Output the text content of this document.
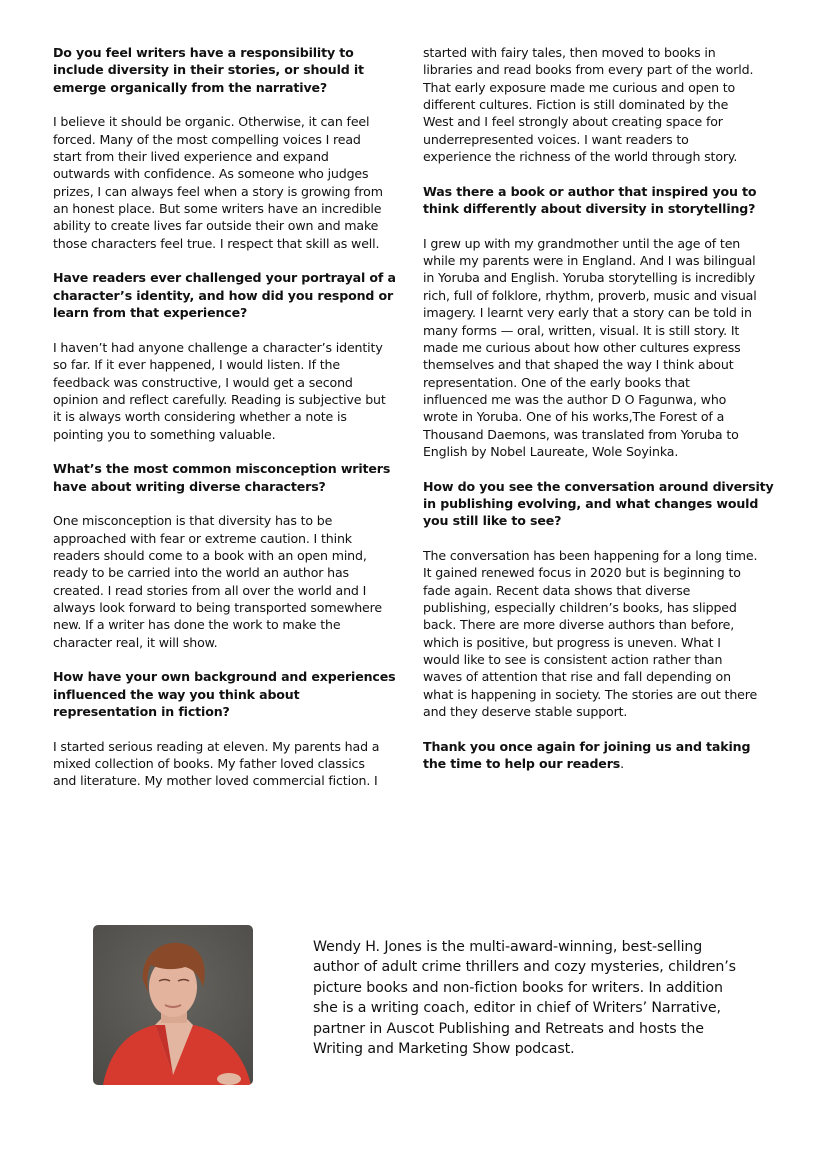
Do you feel writers have a responsibility to
include diversity in their stories, or should it
emerge organically from the narrative?

I believe it should be organic. Otherwise, it can feel
forced. Many of the most compelling voices I read
start from their lived experience and expand
outwards with confidence. As someone who judges
prizes, I can always feel when a story is growing from
an honest place. But some writers have an incredible
ability to create lives far outside their own and make
those characters feel true. I respect that skill as well.

Have readers ever challenged your portrayal of a
character’s identity, and how did you respond or
learn from that experience?

I haven’t had anyone challenge a character’s identity
so far. If it ever happened, I would listen. If the
feedback was constructive, I would get a second
opinion and reflect carefully. Reading is subjective but
it is always worth considering whether a note is
pointing you to something valuable.

What’s the most common misconception writers
have about writing diverse characters?

One misconception is that diversity has to be
approached with fear or extreme caution. I think
readers should come to a book with an open mind,
ready to be carried into the world an author has
created. I read stories from all over the world and I
always look forward to being transported somewhere
new. If a writer has done the work to make the
character real, it will show.

How have your own background and experiences
influenced the way you think about
representation in fiction?

I started serious reading at eleven. My parents had a
mixed collection of books. My father loved classics
and literature. My mother loved commercial fiction. I

started with fairy tales, then moved to books in
libraries and read books from every part of the world.
That early exposure made me curious and open to
different cultures. Fiction is still dominated by the
West and I feel strongly about creating space for
underrepresented voices. I want readers to
experience the richness of the world through story.

Was there a book or author that inspired you to
think differently about diversity in storytelling?

I grew up with my grandmother until the age of ten
while my parents were in England. And I was bilingual
in Yoruba and English. Yoruba storytelling is incredibly
rich, full of folklore, rhythm, proverb, music and visual
imagery. I learnt very early that a story can be told in
many forms — oral, written, visual. It is still story. It
made me curious about how other cultures express
themselves and that shaped the way I think about
representation. One of the early books that
influenced me was the author D O Fagunwa, who
wrote in Yoruba. One of his works,The Forest of a
Thousand Daemons, was translated from Yoruba to
English by Nobel Laureate, Wole Soyinka.

How do you see the conversation around diversity
in publishing evolving, and what changes would
you still like to see?

The conversation has been happening for a long time.
It gained renewed focus in 2020 but is beginning to
fade again. Recent data shows that diverse
publishing, especially children’s books, has slipped
back. There are more diverse authors than before,
which is positive, but progress is uneven. What I
would like to see is consistent action rather than
waves of attention that rise and fall depending on
what is happening in society. The stories are out there
and they deserve stable support.

Thank you once again for joining us and taking
the time to help our readers.

Wendy H. Jones is the multi-award-winning, best-selling
author of adult crime thrillers and cozy mysteries, children’s
picture books and non-fiction books for writers. In addition
she is a writing coach, editor in chief of Writers’ Narrative,
partner in Auscot Publishing and Retreats and hosts the
Writing and Marketing Show podcast.
